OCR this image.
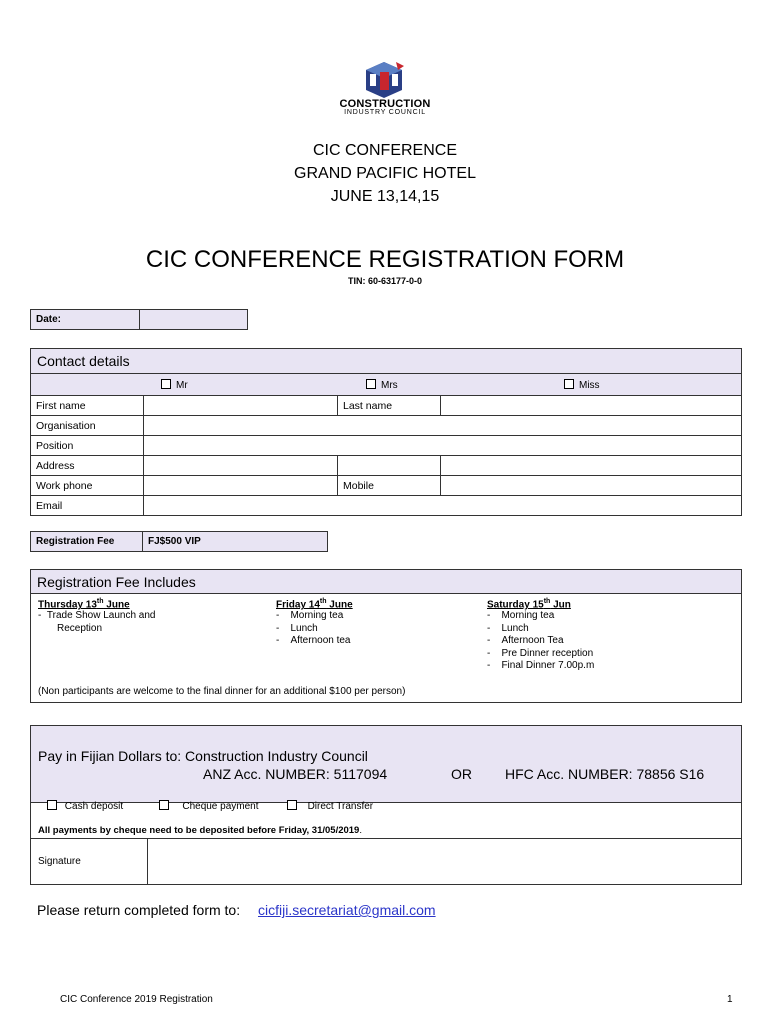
CONSTRUCTION
INDUSTRY COUNCIL
CIC CONFERENCE
GRAND PACIFIC HOTEL
JUNE 13,14,15
CIC CONFERENCE REGISTRATION FORM
TIN: 60-63177-0-0
Date:
Contact details
Mr	Mrs	Miss
First name	Last name
Organisation
Position
Address
Work phone	Mobile
Email
Registration Fee	FJ$500 VIP
Registration Fee Includes
Thursday 13th June
-  Trade Show Launch and
Reception
Friday 14th June
-    Morning tea
-    Lunch
-    Afternoon tea
Saturday 15th Jun
-    Morning tea
-    Lunch
-    Afternoon Tea
-    Pre Dinner reception
-    Final Dinner 7.00p.m
(Non participants are welcome to the final dinner for an additional $100 per person)
Pay in Fijian Dollars to: Construction Industry Council
ANZ Acc. NUMBER: 5117094	OR HFC Acc. NUMBER: 78856 S16
Cash deposit	Cheque payment	Direct Transfer
All payments by cheque need to be deposited before Friday, 31/05/2019.
Signature
Please return completed form to: cicfiji.secretariat@gmail.com
CIC Conference 2019 Registration	1
